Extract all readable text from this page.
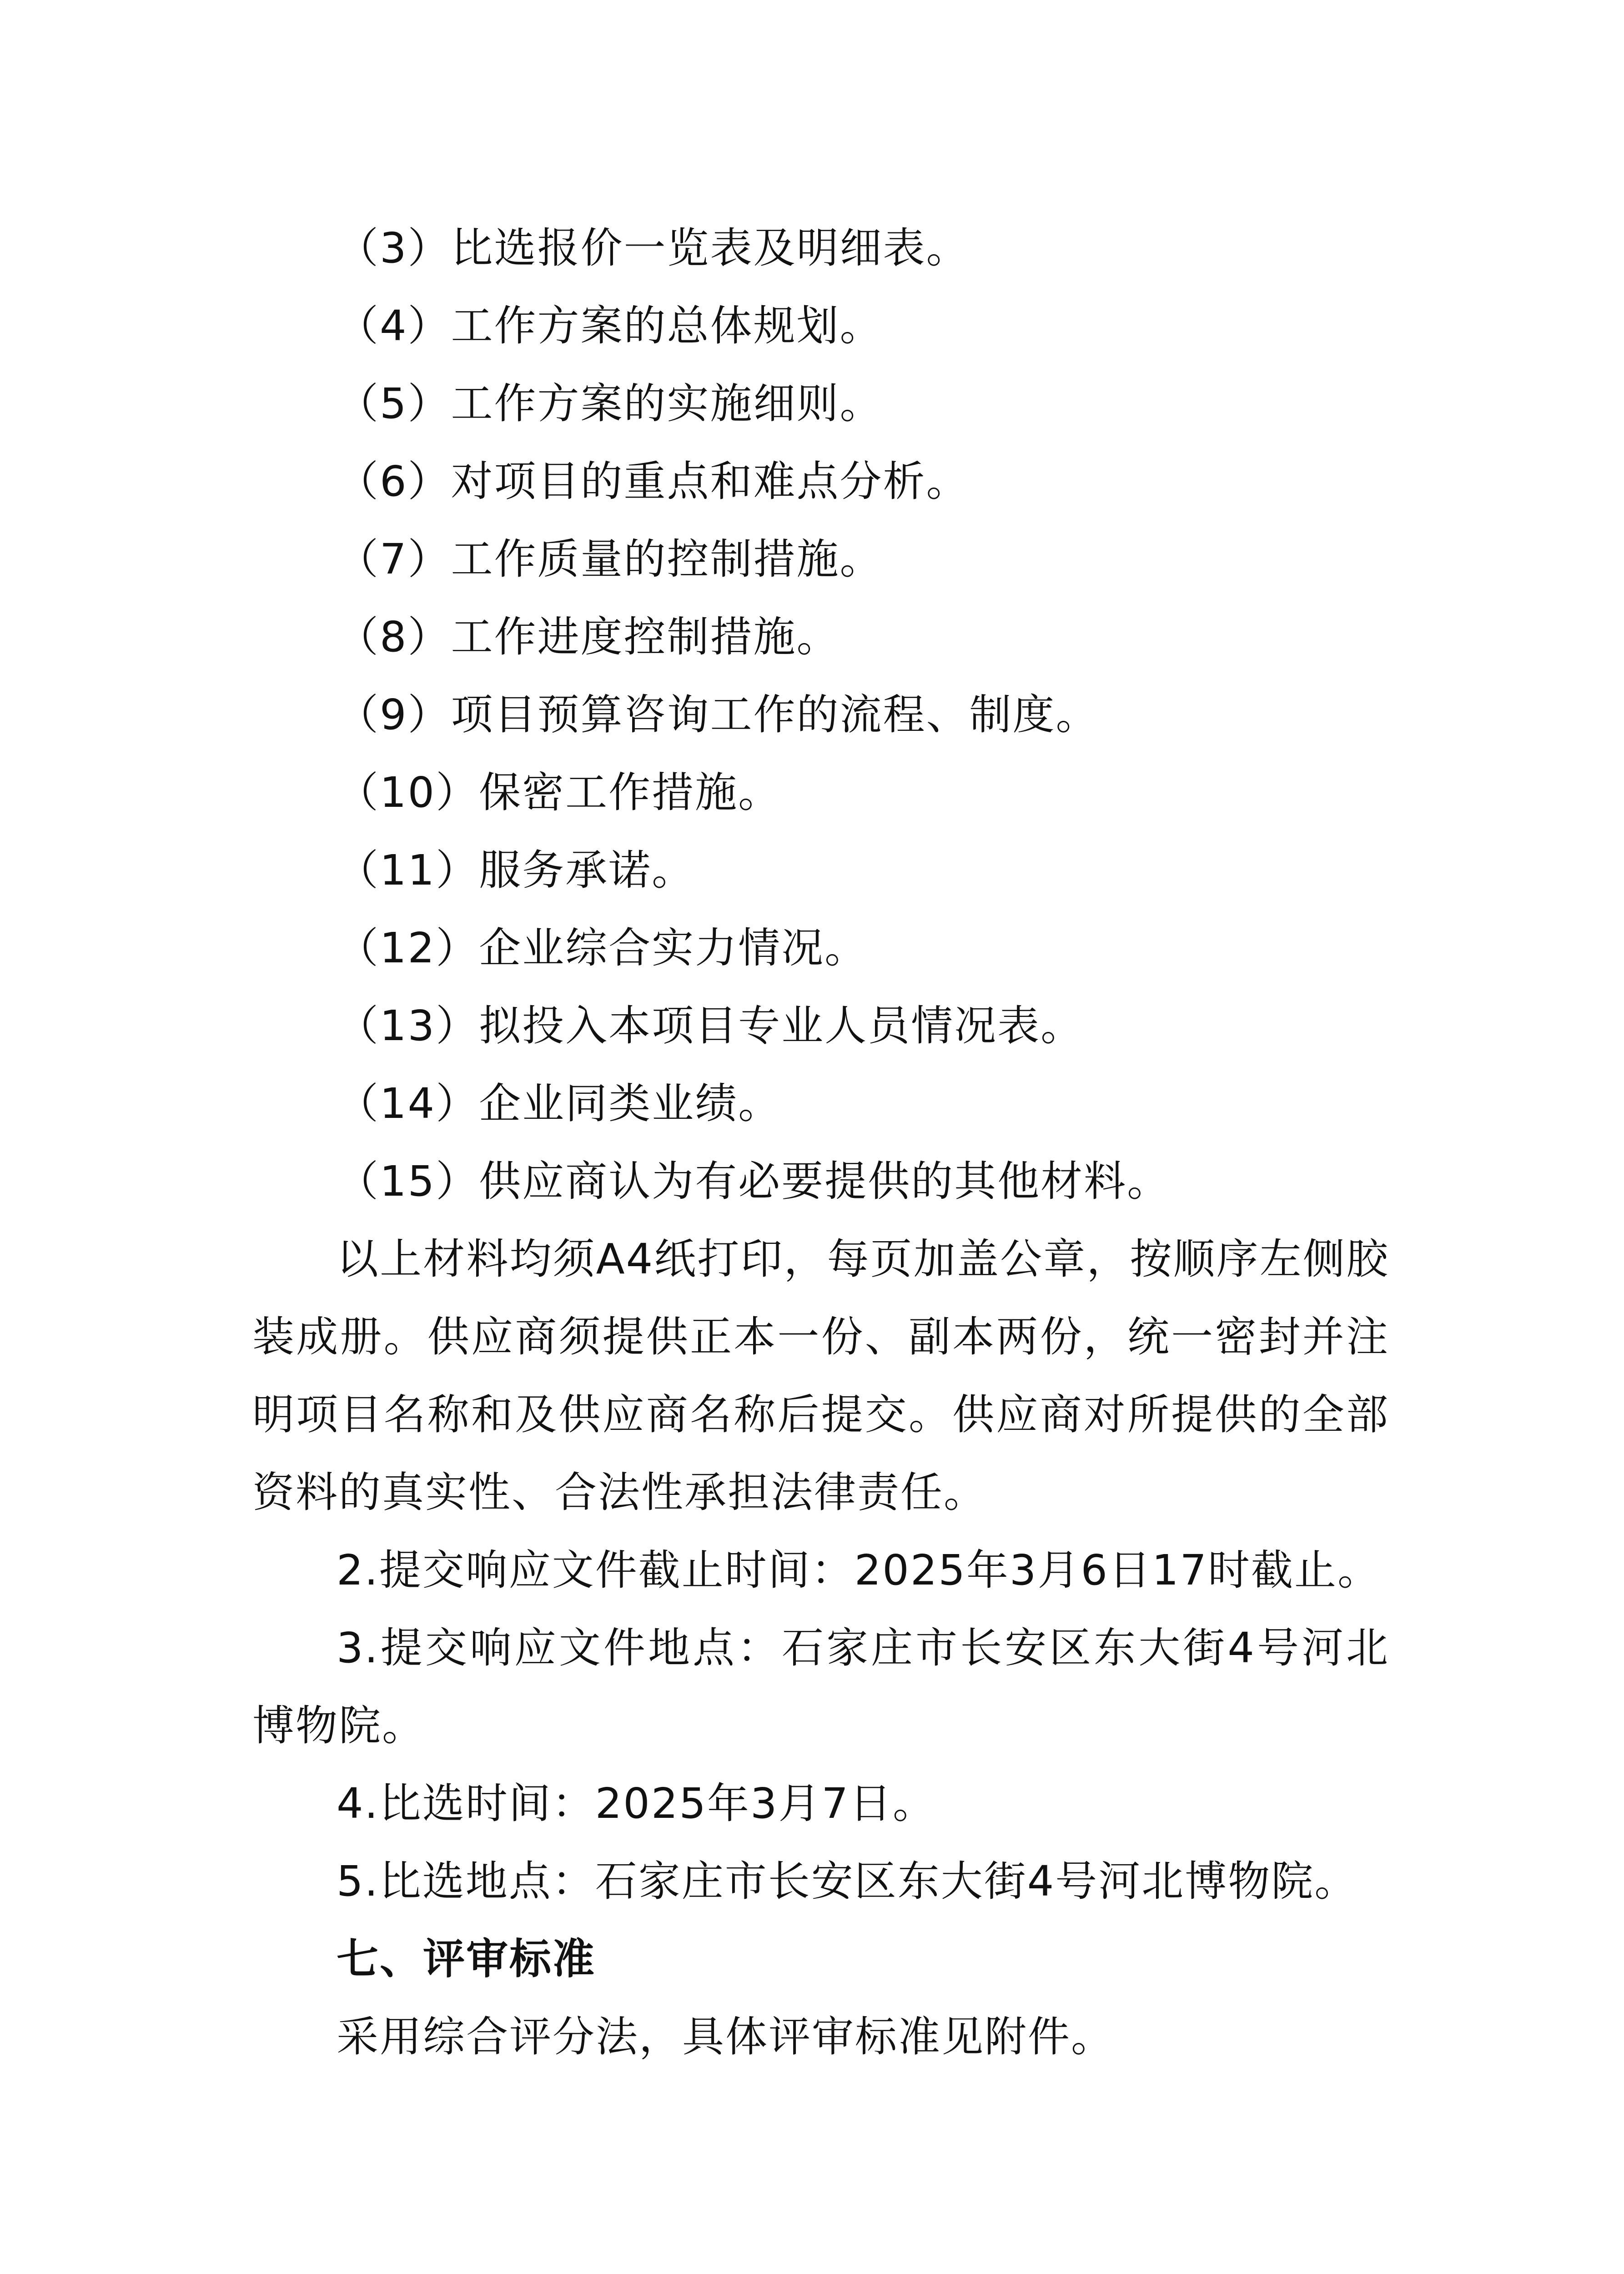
（3）比选报价一览表及明细表。

（4）工作方案的总体规划。

（5）工作方案的实施细则。

（6）对项目的重点和难点分析。

（7）工作质量的控制措施。

（8）工作进度控制措施。

（9）项目预算咨询工作的流程、制度。

（10）保密工作措施。

（11）服务承诺。

（12）企业综合实力情况。

（13）拟投入本项目专业人员情况表。

（14）企业同类业绩。

（15）供应商认为有必要提供的其他材料。

以上材料均须A4纸打印，每页加盖公章，按顺序左侧胶装成册。供应商须提供正本一份、副本两份，统一密封并注明项目名称和及供应商名称后提交。供应商对所提供的全部资料的真实性、合法性承担法律责任。

2.提交响应文件截止时间：2025年3月6日17时截止。

3.提交响应文件地点：石家庄市长安区东大街4号河北博物院。

4.比选时间：2025年3月7日。

5.比选地点：石家庄市长安区东大街4号河北博物院。

七、评审标准

采用综合评分法，具体评审标准见附件。
